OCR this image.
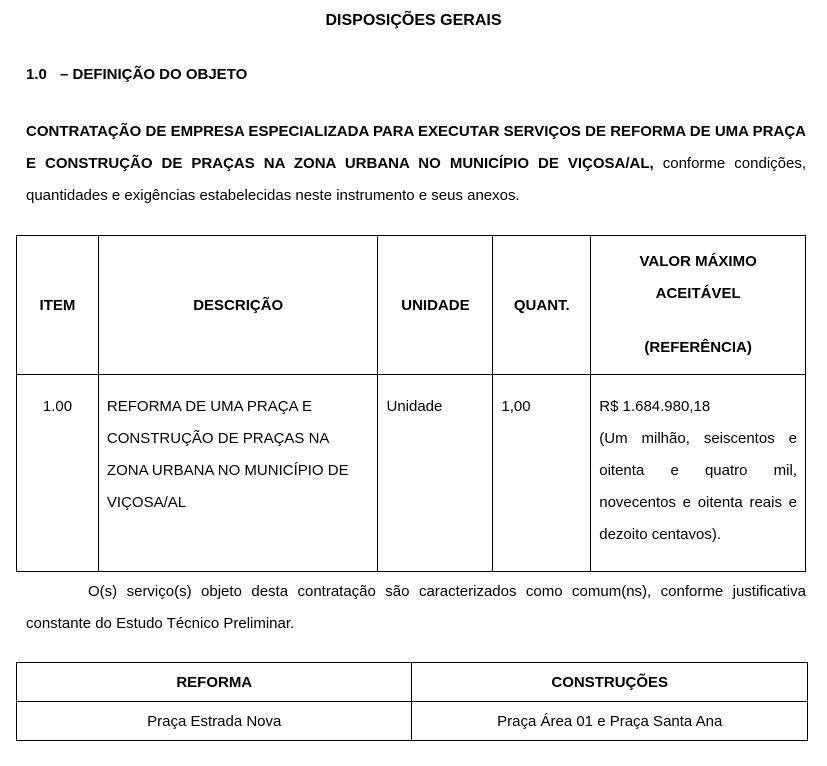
DISPOSIÇÕES GERAIS
1.0 – DEFINIÇÃO DO OBJETO
CONTRATAÇÃO DE EMPRESA ESPECIALIZADA PARA EXECUTAR SERVIÇOS DE REFORMA DE UMA PRAÇA E CONSTRUÇÃO DE PRAÇAS NA ZONA URBANA NO MUNICÍPIO DE VIÇOSA/AL, conforme condições, quantidades e exigências estabelecidas neste instrumento e seus anexos.
ITEM	DESCRIÇÃO	UNIDADE	QUANT.	VALOR MÁXIMO
ACEITÁVEL
(REFERÊNCIA)

1.00	REFORMA DE UMA PRAÇA E CONSTRUÇÃO DE PRAÇAS NA ZONA URBANA NO MUNICÍPIO DE VIÇOSA/AL	Unidade	1,00	R$ 1.684.980,18
(Um milhão, seiscentos e oitenta e quatro mil, novecentos e oitenta reais e dezoito centavos).
O(s) serviço(s) objeto desta contratação são caracterizados como comum(ns), conforme justificativa constante do Estudo Técnico Preliminar.
REFORMA	CONSTRUÇÕES
Praça Estrada Nova	Praça Área 01 e Praça Santa Ana
